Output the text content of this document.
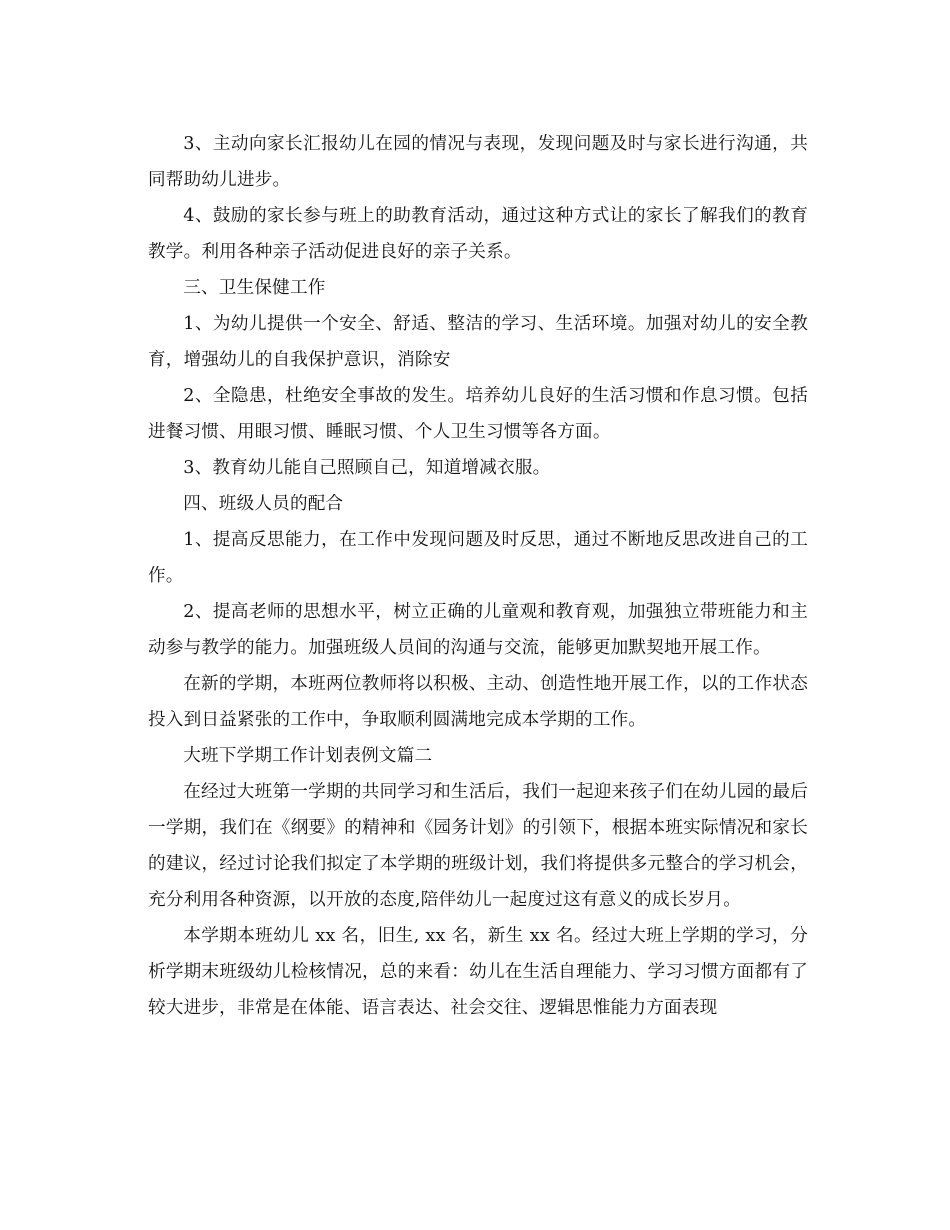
3、主动向家长汇报幼儿在园的情况与表现，发现问题及时与家长进行沟通，共同帮助幼儿进步。

4、鼓励的家长参与班上的助教育活动，通过这种方式让的家长了解我们的教育教学。利用各种亲子活动促进良好的亲子关系。

三、卫生保健工作

1、为幼儿提供一个安全、舒适、整洁的学习、生活环境。加强对幼儿的安全教育，增强幼儿的自我保护意识，消除安

2、全隐患，杜绝安全事故的发生。培养幼儿良好的生活习惯和作息习惯。包括进餐习惯、用眼习惯、睡眠习惯、个人卫生习惯等各方面。

3、教育幼儿能自己照顾自己，知道增减衣服。

四、班级人员的配合

1、提高反思能力，在工作中发现问题及时反思，通过不断地反思改进自己的工作。

2、提高老师的思想水平，树立正确的儿童观和教育观，加强独立带班能力和主动参与教学的能力。加强班级人员间的沟通与交流，能够更加默契地开展工作。

在新的学期，本班两位教师将以积极、主动、创造性地开展工作，以的工作状态投入到日益紧张的工作中，争取顺利圆满地完成本学期的工作。

大班下学期工作计划表例文篇二

在经过大班第一学期的共同学习和生活后，我们一起迎来孩子们在幼儿园的最后一学期，我们在《纲要》的精神和《园务计划》的引领下，根据本班实际情况和家长的建议，经过讨论我们拟定了本学期的班级计划，我们将提供多元整合的学习机会，充分利用各种资源，以开放的态度,陪伴幼儿一起度过这有意义的成长岁月。

本学期本班幼儿 xx 名，旧生, xx 名，新生 xx 名。经过大班上学期的学习，分析学期末班级幼儿检核情况，总的来看：幼儿在生活自理能力、学习习惯方面都有了较大进步，非常是在体能、语言表达、社会交往、逻辑思惟能力方面表现
